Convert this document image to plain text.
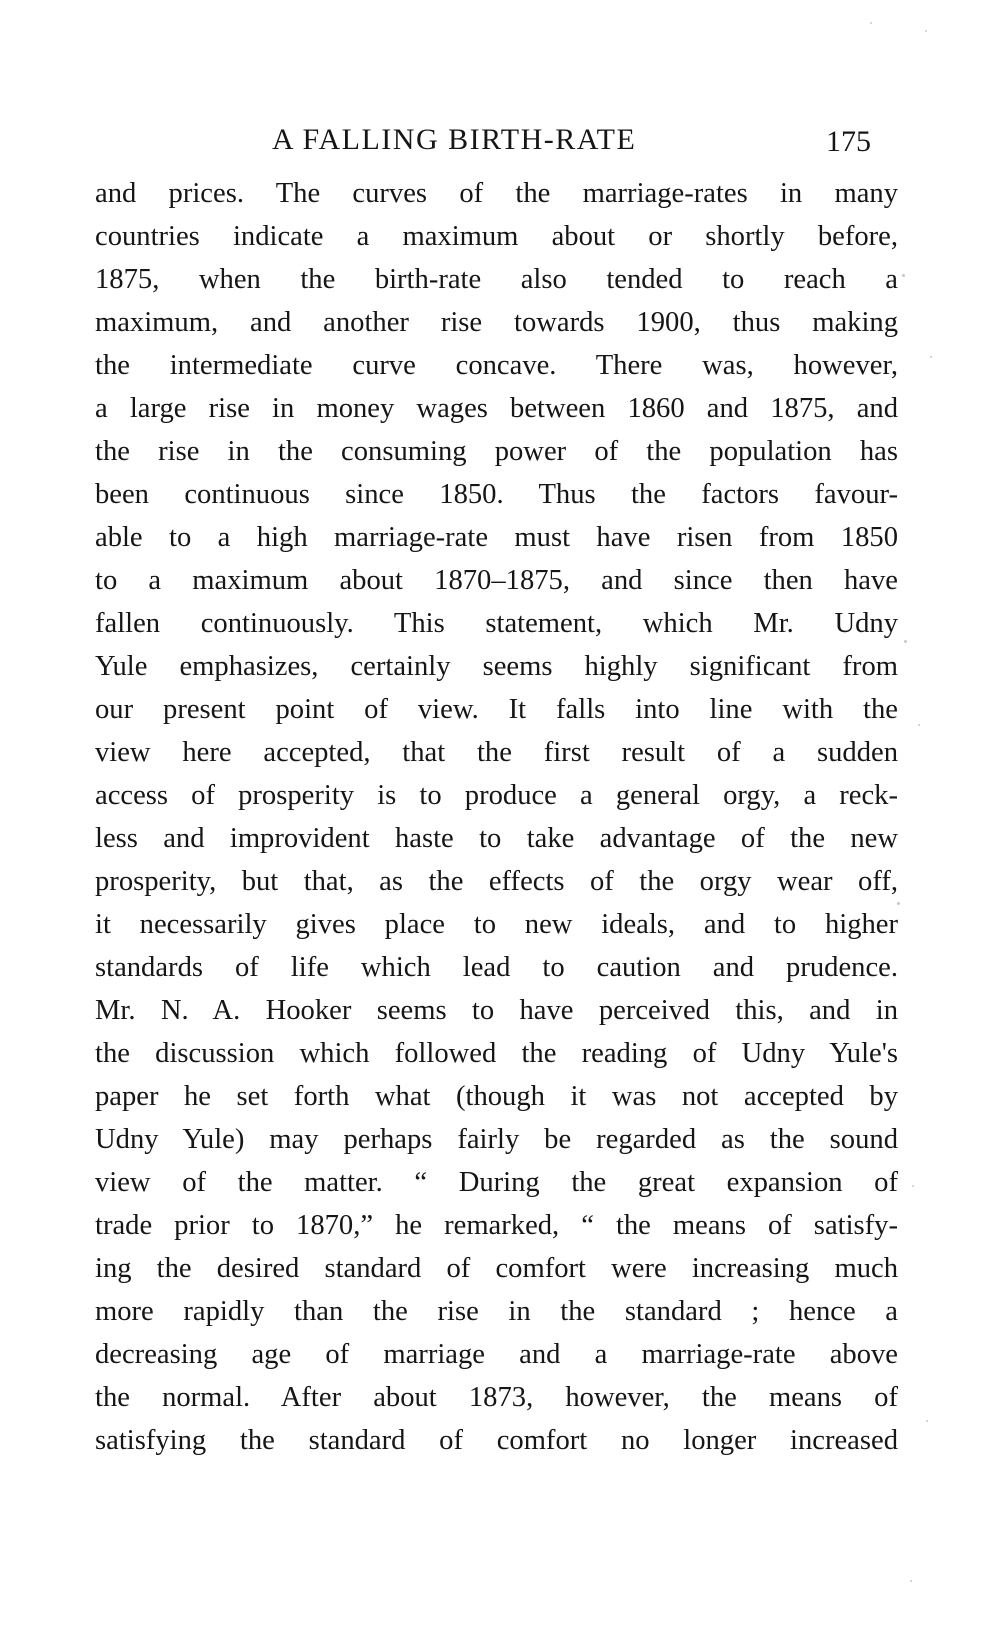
A FALLING BIRTH-RATE	175
and prices. The curves of the marriage-rates in many
countries indicate a maximum about or shortly before,
1875, when the birth-rate also tended to reach a
maximum, and another rise towards 1900, thus making
the intermediate curve concave. There was, however,
a large rise in money wages between 1860 and 1875, and
the rise in the consuming power of the population has
been continuous since 1850. Thus the factors favour-
able to a high marriage-rate must have risen from 1850
to a maximum about 1870–1875, and since then have
fallen continuously. This statement, which Mr. Udny
Yule emphasizes, certainly seems highly significant from
our present point of view. It falls into line with the
view here accepted, that the first result of a sudden
access of prosperity is to produce a general orgy, a reck-
less and improvident haste to take advantage of the new
prosperity, but that, as the effects of the orgy wear off,
it necessarily gives place to new ideals, and to higher
standards of life which lead to caution and prudence.
Mr. N. A. Hooker seems to have perceived this, and in
the discussion which followed the reading of Udny Yule's
paper he set forth what (though it was not accepted by
Udny Yule) may perhaps fairly be regarded as the sound
view of the matter. “ During the great expansion of
trade prior to 1870,” he remarked, “ the means of satisfy-
ing the desired standard of comfort were increasing much
more rapidly than the rise in the standard ; hence a
decreasing age of marriage and a marriage-rate above
the normal. After about 1873, however, the means of
satisfying the standard of comfort no longer increased
